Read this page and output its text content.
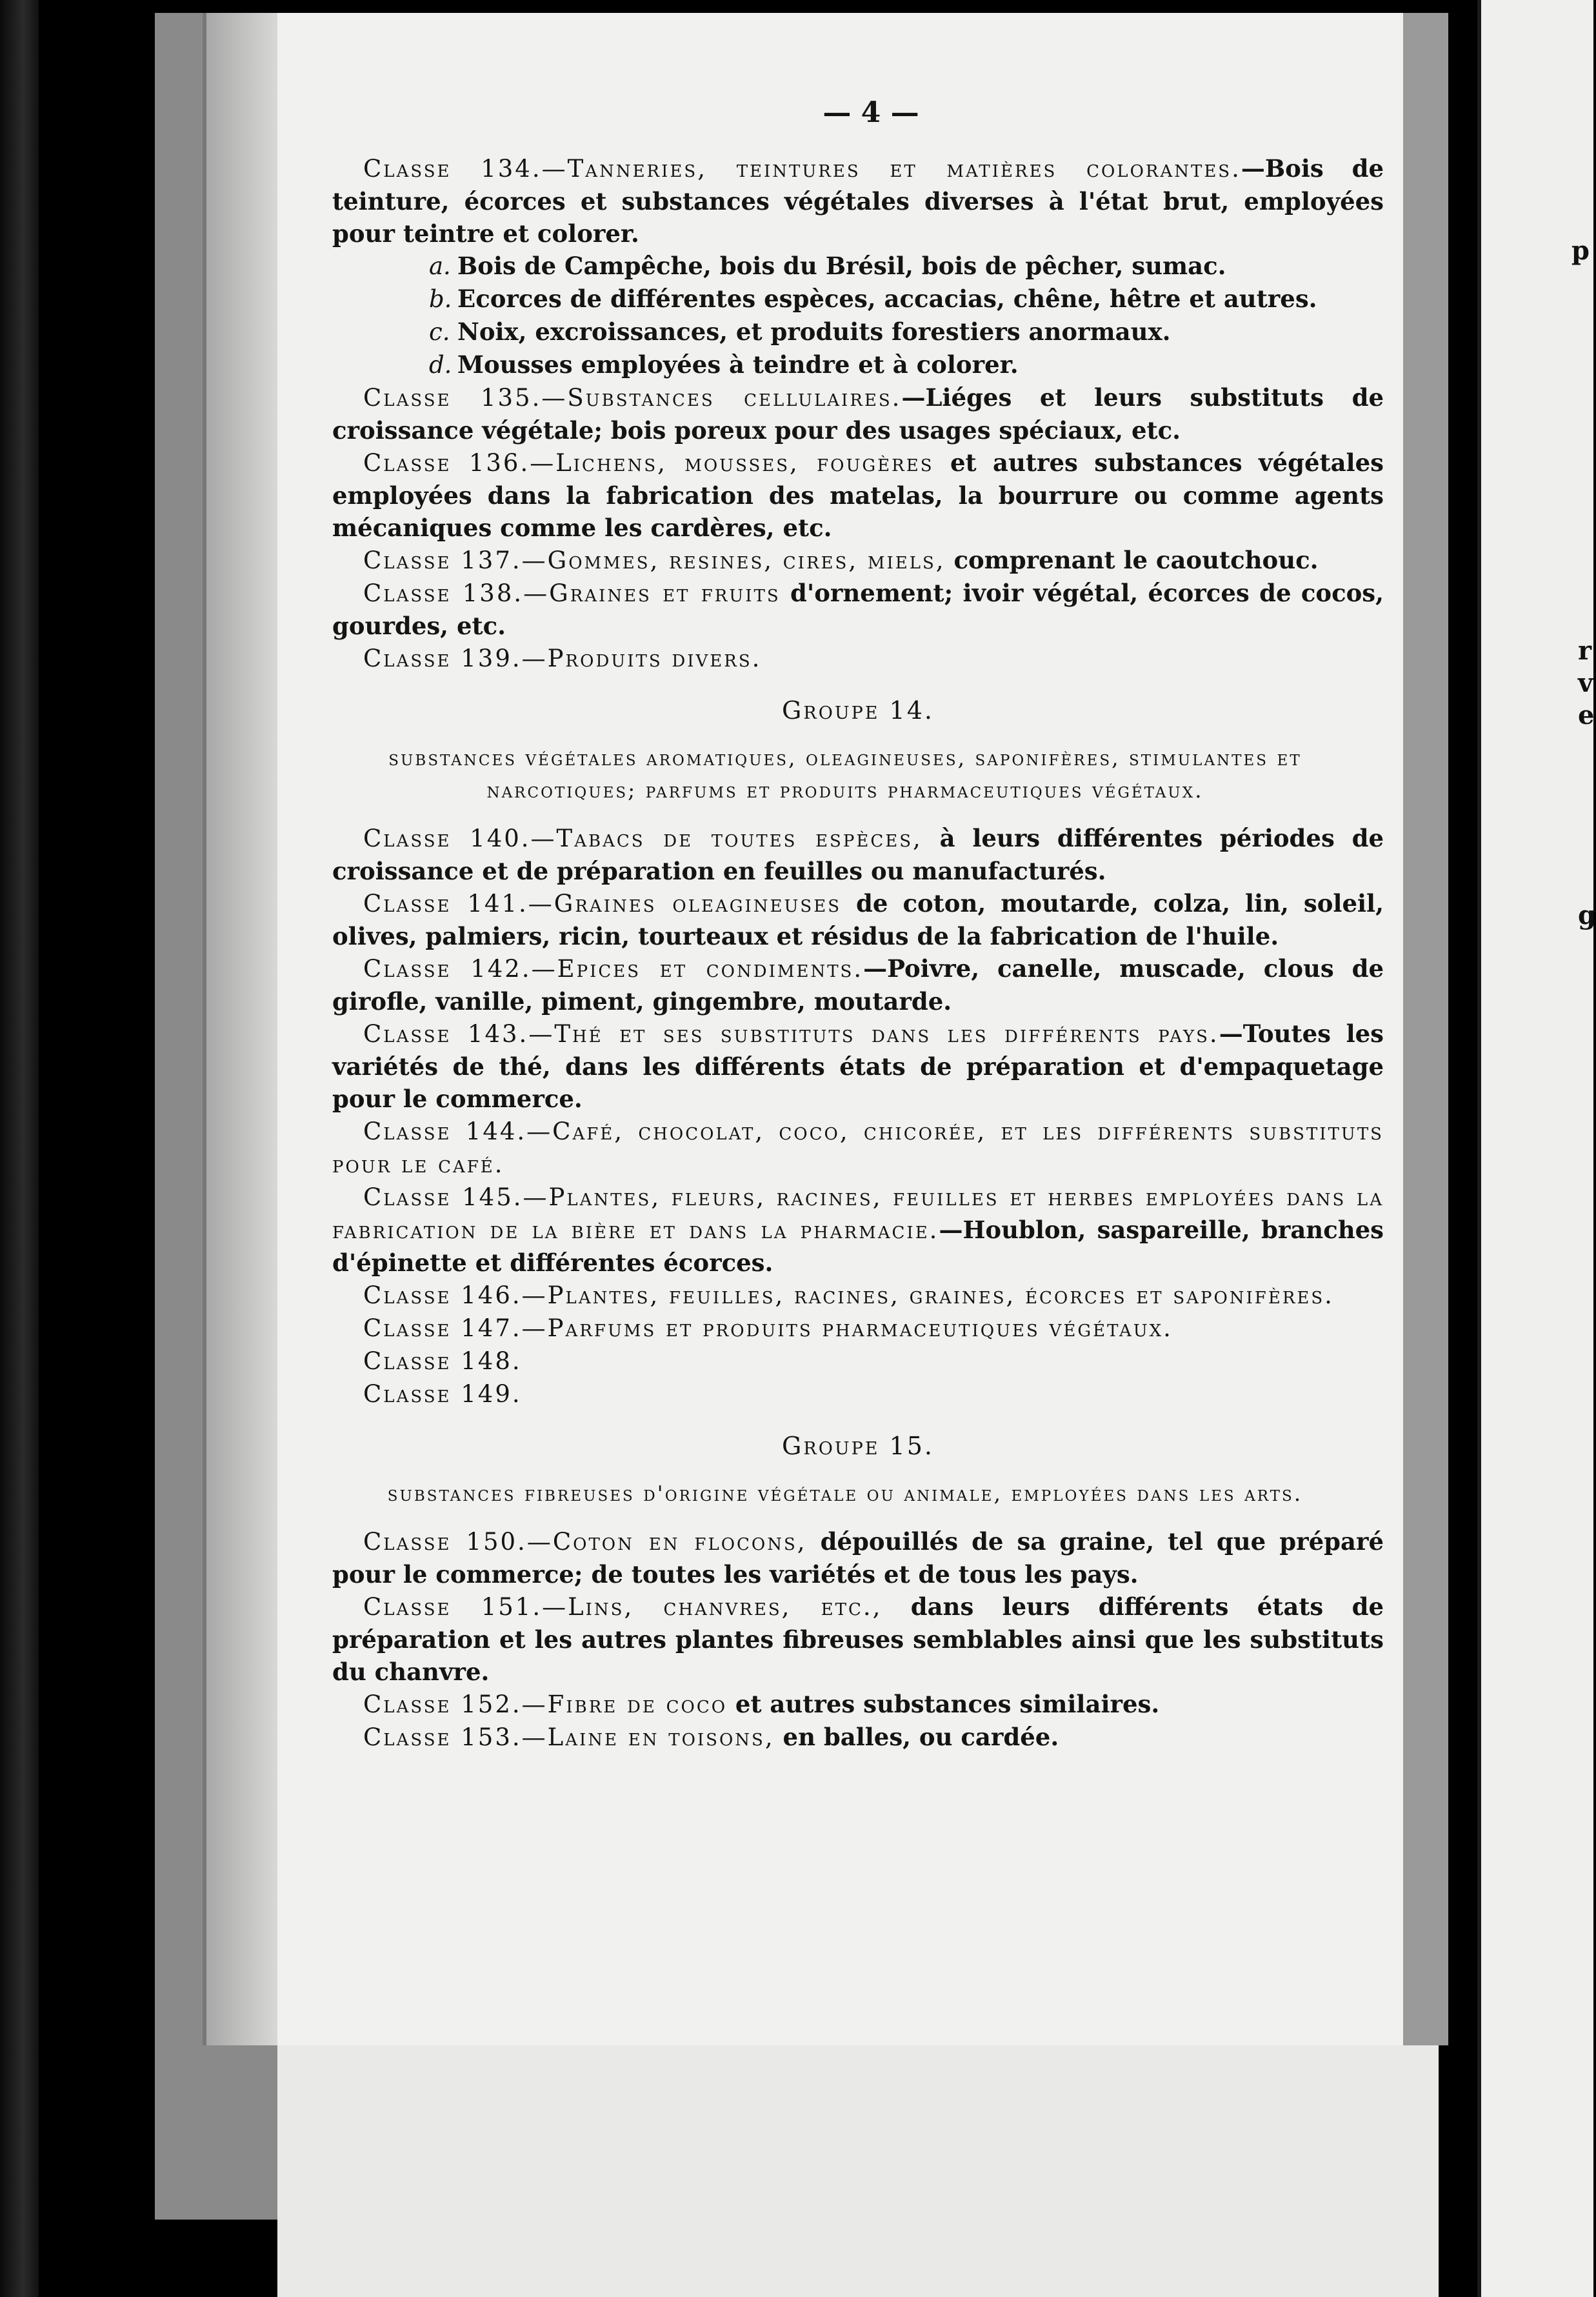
p
r
v
e
g
— 4 —

Classe 134.—Tanneries, teintures et matières colorantes.—Bois de teinture, écorces et substances végétales diverses à l'état brut, employées pour teintre et colorer.

a. Bois de Campêche, bois du Brésil, bois de pêcher, sumac.

b. Ecorces de différentes espèces, accacias, chêne, hêtre et autres.

c. Noix, excroissances, et produits forestiers anormaux.

d. Mousses employées à teindre et à colorer.

Classe 135.—Substances cellulaires.—Liéges et leurs substituts de croissance végétale; bois poreux pour des usages spéciaux, etc.

Classe 136.—Lichens, mousses, fougères et autres substances végétales employées dans la fabrication des matelas, la bourrure ou comme agents mécaniques comme les cardères, etc.

Classe 137.—Gommes, resines, cires, miels, comprenant le caoutchouc.

Classe 138.—Graines et fruits d'ornement; ivoir végétal, écorces de cocos, gourdes, etc.

Classe 139.—Produits divers.

Groupe 14.
substances végétales aromatiques, oleagineuses, saponifères, stimulantes et narcotiques; parfums et produits pharmaceutiques végétaux.

Classe 140.—Tabacs de toutes espèces, à leurs différentes périodes de croissance et de préparation en feuilles ou manufacturés.

Classe 141.—Graines oleagineuses de coton, moutarde, colza, lin, soleil, olives, palmiers, ricin, tourteaux et résidus de la fabrication de l'huile.

Classe 142.—Epices et condiments.—Poivre, canelle, muscade, clous de girofle, vanille, piment, gingembre, moutarde.

Classe 143.—Thé et ses substituts dans les différents pays.—Toutes les variétés de thé, dans les différents états de préparation et d'empaquetage pour le commerce.

Classe 144.—Café, chocolat, coco, chicorée, et les différents substituts pour le café.

Classe 145.—Plantes, fleurs, racines, feuilles et herbes employées dans la fabrication de la bière et dans la pharmacie.—Houblon, saspareille, branches d'épinette et différentes écorces.

Classe 146.—Plantes, feuilles, racines, graines, écorces et saponifères.

Classe 147.—Parfums et produits pharmaceutiques végétaux.

Classe 148.

Classe 149.

Groupe 15.
substances fibreuses d'origine végétale ou animale, employées dans les arts.

Classe 150.—Coton en flocons, dépouillés de sa graine, tel que préparé pour le commerce; de toutes les variétés et de tous les pays.

Classe 151.—Lins, chanvres, etc., dans leurs différents états de préparation et les autres plantes fibreuses semblables ainsi que les substituts du chanvre.

Classe 152.—Fibre de coco et autres substances similaires.

Classe 153.—Laine en toisons, en balles, ou cardée.
